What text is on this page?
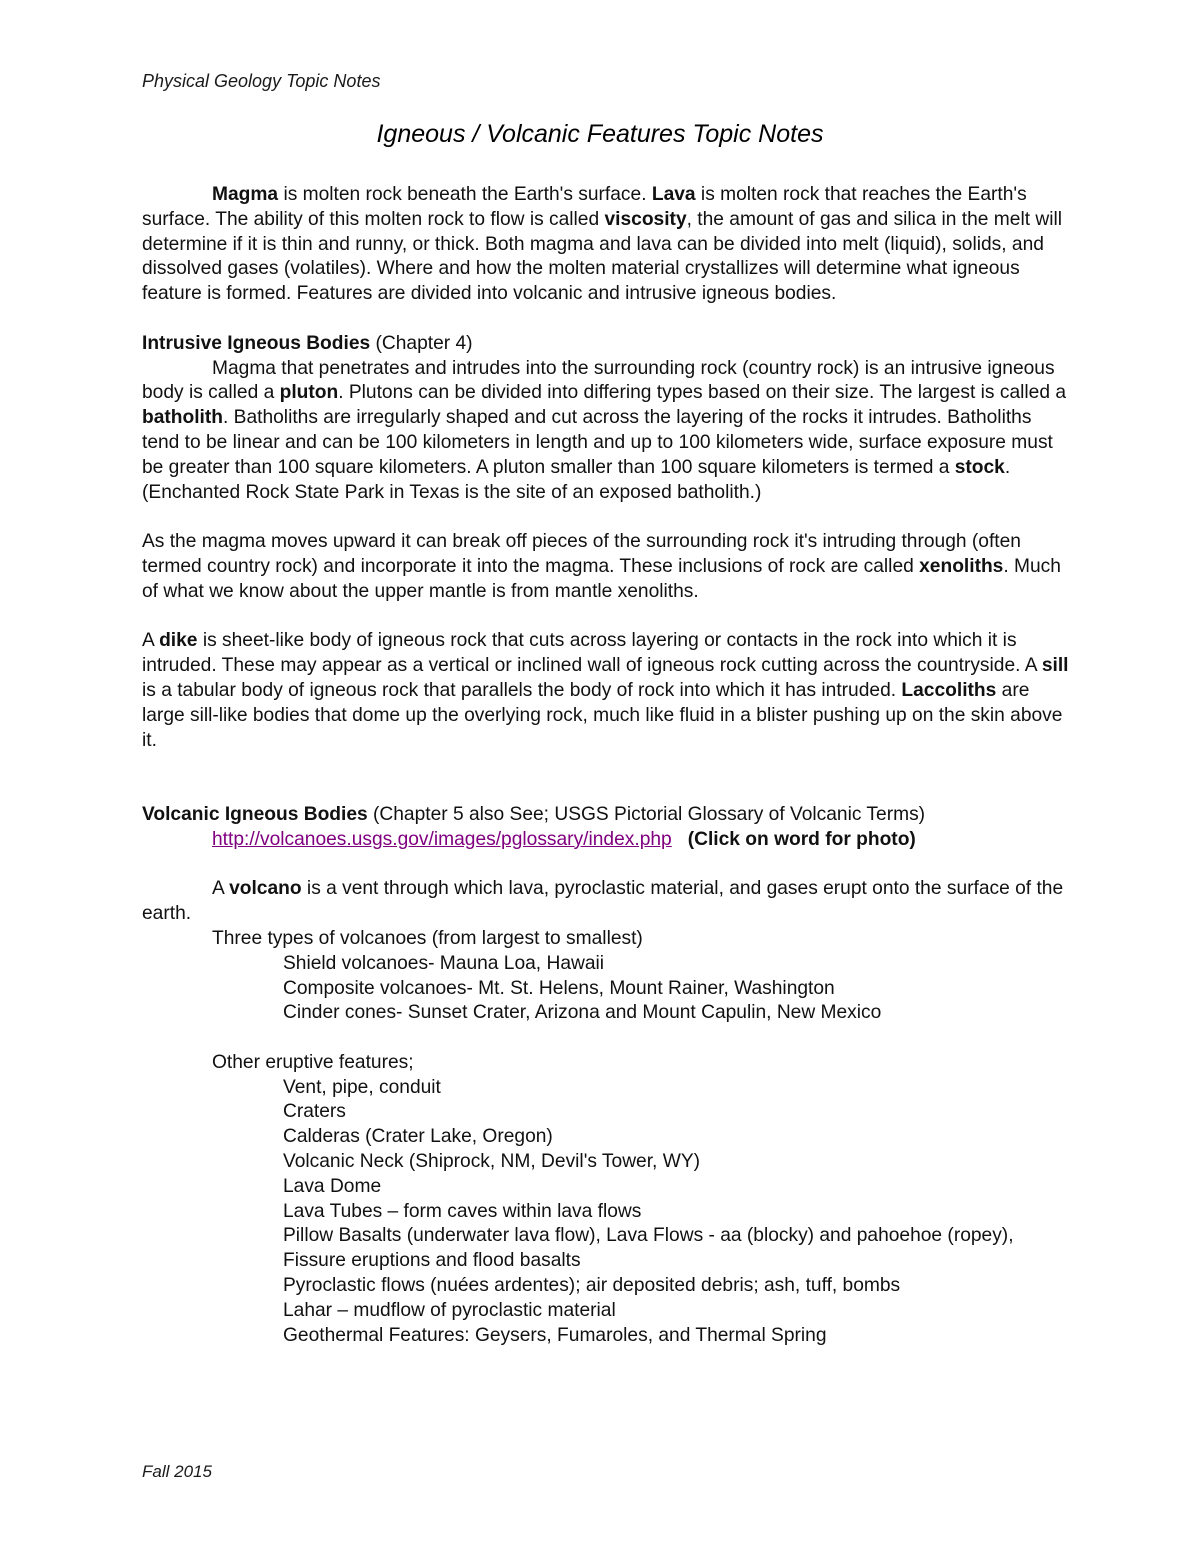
Physical Geology Topic Notes
Igneous / Volcanic Features Topic Notes

Magma is molten rock beneath the Earth's surface. Lava is molten rock that reaches the Earth's surface. The ability of this molten rock to flow is called viscosity, the amount of gas and silica in the melt will determine if it is thin and runny, or thick. Both magma and lava can be divided into melt (liquid), solids, and dissolved gases (volatiles). Where and how the molten material crystallizes will determine what igneous feature is formed. Features are divided into volcanic and intrusive igneous bodies.

Intrusive Igneous Bodies (Chapter 4)

Magma that penetrates and intrudes into the surrounding rock (country rock) is an intrusive igneous body is called a pluton. Plutons can be divided into differing types based on their size. The largest is called a batholith. Batholiths are irregularly shaped and cut across the layering of the rocks it intrudes. Batholiths tend to be linear and can be 100 kilometers in length and up to 100 kilometers wide, surface exposure must be greater than 100 square kilometers. A pluton smaller than 100 square kilometers is termed a stock. (Enchanted Rock State Park in Texas is the site of an exposed batholith.)

As the magma moves upward it can break off pieces of the surrounding rock it's intruding through (often termed country rock) and incorporate it into the magma. These inclusions of rock are called xenoliths. Much of what we know about the upper mantle is from mantle xenoliths.

A dike is sheet-like body of igneous rock that cuts across layering or contacts in the rock into which it is intruded. These may appear as a vertical or inclined wall of igneous rock cutting across the countryside. A sill is a tabular body of igneous rock that parallels the body of rock into which it has intruded. Laccoliths are large sill-like bodies that dome up the overlying rock, much like fluid in a blister pushing up on the skin above it.

Volcanic Igneous Bodies (Chapter 5 also See; USGS Pictorial Glossary of Volcanic Terms)

http://volcanoes.usgs.gov/images/pglossary/index.php (Click on word for photo)

A volcano is a vent through which lava, pyroclastic material, and gases erupt onto the surface of the earth.

Three types of volcanoes (from largest to smallest)

Shield volcanoes- Mauna Loa, Hawaii

Composite volcanoes- Mt. St. Helens, Mount Rainer, Washington

Cinder cones- Sunset Crater, Arizona and Mount Capulin, New Mexico

Other eruptive features;

Vent, pipe, conduit

Craters

Calderas (Crater Lake, Oregon)

Volcanic Neck (Shiprock, NM, Devil's Tower, WY)

Lava Dome

Lava Tubes – form caves within lava flows

Pillow Basalts (underwater lava flow), Lava Flows - aa (blocky) and pahoehoe (ropey), Fissure eruptions and flood basalts

Pyroclastic flows (nuées ardentes); air deposited debris; ash, tuff, bombs

Lahar – mudflow of pyroclastic material

Geothermal Features: Geysers, Fumaroles, and Thermal Spring

Fall 2015
